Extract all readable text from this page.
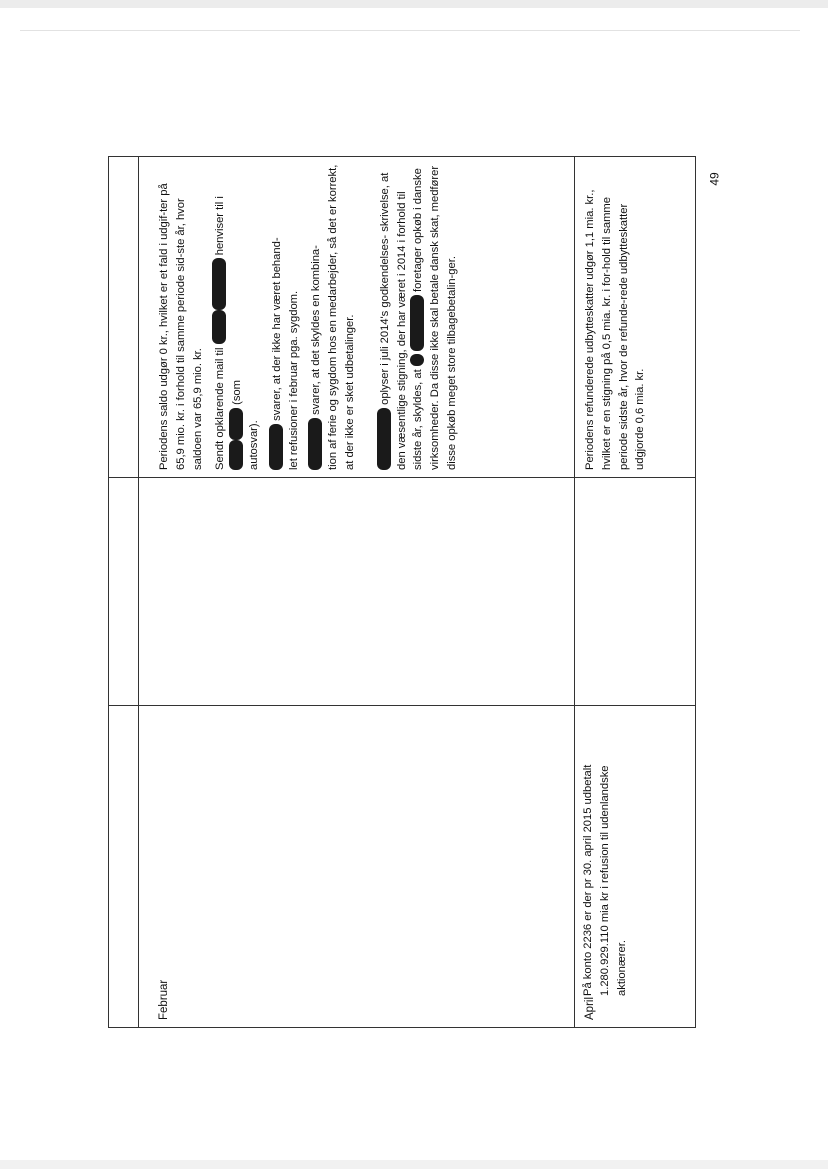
Februar

Periodens saldo udgør 0 kr., hvilket er et fald i udgif-ter på 65,9 mio. kr. i forhold til samme periode sid-ste år, hvor saldoen var 65,9 mio. kr. Sendt opklarende mail til  henviser til i
(som
autosvar).

svarer, at der ikke har været behand- let refusioner i februar pga. sygdom. svarer, at det skyldes en kombina- tion af ferie og sygdom hos en medarbejder, så det er korrekt, at der ikke er sket udbetalinger. oplyser i juli 2014's godkendelses- skrivelse, at den væsentlige stigning, der har været i 2014 i forhold til sidste år, skyldes, at   foretager opkøb i danske virksomheder. Da disse ikke skal betale dansk skat, medfører disse opkøb meget store tilbagebetalin-ger.

April
På konto 2236 er der pr 30. april 2015 udbetalt 1.280.929.110 mia kr i refusion til udenlandske aktionærer.

Periodens refunderede udbytteskatter udgør 1,1 mia. kr., hvilket er en stigning på 0,5 mia. kr. i for-hold til samme periode sidste år, hvor de refunde-rede udbytteskatter udgjorde 0,6 mia. kr.

49
